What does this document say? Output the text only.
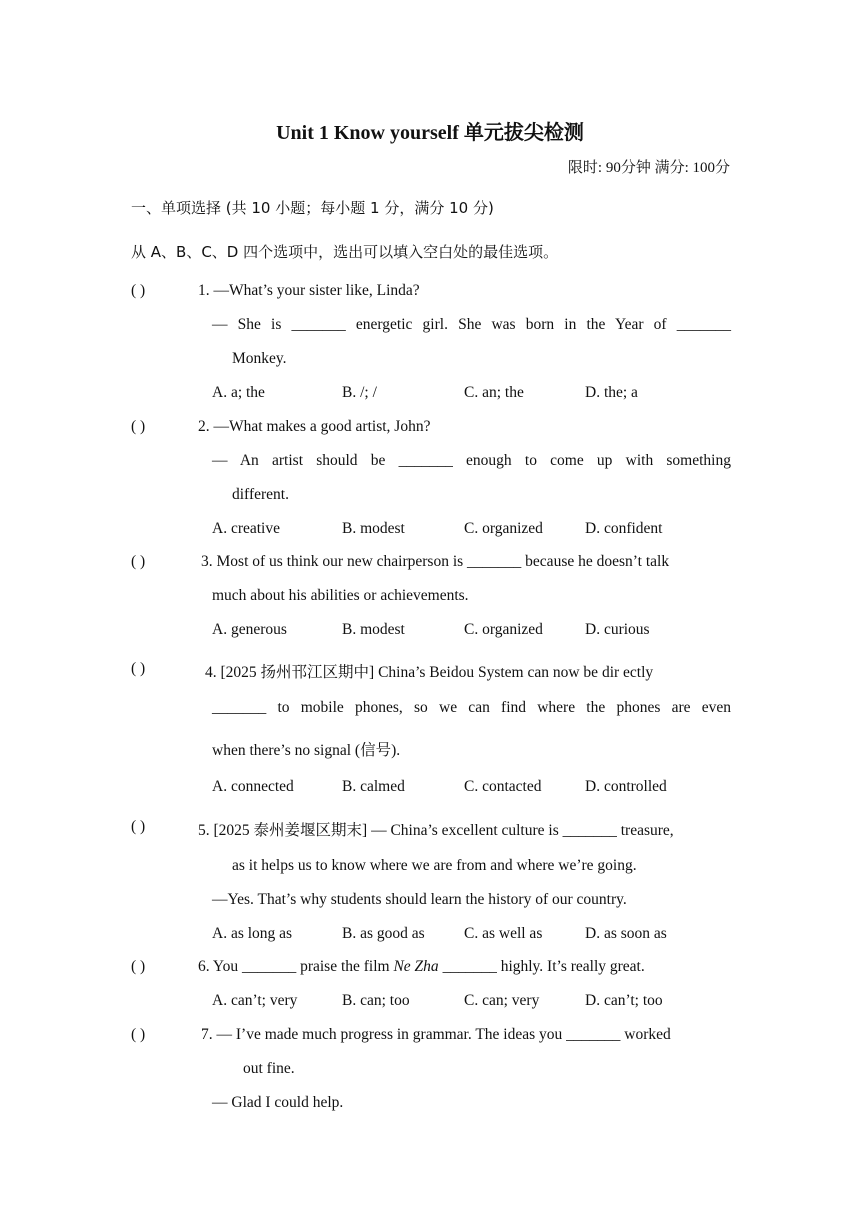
Unit 1 Know yourself 单元拔尖检测
限时: 90分钟 满分: 100分
一、单项选择 (共 10 小题；每小题 1 分，满分 10 分)
从 A、B、C、D 四个选项中，选出可以填入空白处的最佳选项。
( )	1. —What’s your sister like, Linda?
— She is _______ energetic girl. She was born in the Year of _______
Monkey.
A. a; the	B. /; /	C. an; the	D. the; a
( )	2. —What makes a good artist, John?
— An artist should be _______ enough to come up with something
different.
A. creative	B. modest	C. organized	D. confident
( )	3. Most of us think our new chairperson is _______ because he doesn’t talk
much about his abilities or achievements.
A. generous	B. modest	C. organized	D. curious
( )	4. [2025 扬州邗江区期中] China’s Beidou System can now be dir ectly
_______ to mobile phones, so we can find where the phones are even
when there’s no signal (信号).
A. connected	B. calmed	C. contacted	D. controlled
( )	5. [2025 泰州姜堰区期末] — China’s excellent culture is _______ treasure,
as it helps us to know where we are from and where we’re going.
—Yes. That’s why students should learn the history of our country.
A. as long as	B. as good as	C. as well as	D. as soon as
( )	6. You _______ praise the film Ne Zha _______ highly. It’s really great.
A. can’t; very	B. can; too	C. can; very	D. can’t; too
( )	7. — I’ve made much progress in grammar. The ideas you _______ worked
out fine.
— Glad I could help.
